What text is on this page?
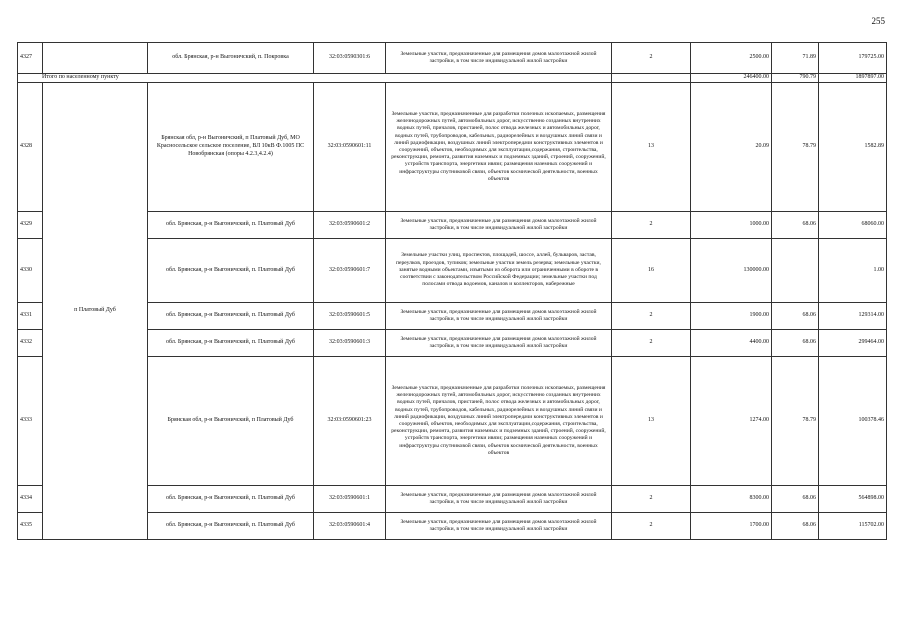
255
4327		обл. Брянская, р-н Выгоничский, п. Покровка	32:03:0590301:6	Земельные участки, предназначенные для размещения домов малоэтажной жилой застройки, в том числе индивидуальной жилой застройки	2	2500.00	71.89	179725.00
Итого по населенному пункту						246400.00	790.79	1897897.00
4328	п Платовый Дуб	Брянская обл, р-н Выгоничский, п Платовый Дуб, МО Красносельское сельское поселение, ВЛ 10кВ Ф.1005 ПС Новобрянская (опоры 4.2.3,4.2.4)	32:03:0590601:11	Земельные участки, предназначенные для разработки полезных ископаемых, размещения железнодорожных путей, автомобильных дорог, искусственно созданных внутренних водных путей, причалов, пристаней, полос отвода железных и автомобильных дорог, водных путей, трубопроводов, кабельных, радиорелейных и воздушных линий связи и линий радиофикации, воздушных линий электропередачи конструктивных элементов и сооружений, объектов, необходимых для эксплуатации,содержания, строительства, реконструкции, ремонта, развития наземных и подземных зданий, строений, сооружений, устройств транспорта, энергетики ивязи; размещения наземных сооружений и инфраструктуры спутниковой связи, объектов космической деятельности, военных объектов	13	20.09	78.79	1582.89
4329		обл. Брянская, р-н Выгоничский, п. Платовый Дуб	32:03:0590601:2	Земельные участки, предназначенные для размещения домов малоэтажной жилой застройки, в том числе индивидуальной жилой застройки	2	1000.00	68.06	68060.00
4330		обл. Брянская, р-н Выгоничский, п. Платовый Дуб	32:03:0590601:7	Земельные участки улиц, проспектов, площадей, шоссе, аллей, бульваров, застав, переулков, проездов, тупиков; земельные участки земель резерва; земельные участки, занятые водными объектами, изъятыми из оборота или ограниченными в обороте в соответствии с законодательством Российской Федерации; земельные участки под полосами отвода водоемов, каналов и коллекторов, набережные	16	130000.00		1.00
4331		обл. Брянская, р-н Выгоничский, п. Платовый Дуб	32:03:0590601:5	Земельные участки, предназначенные для размещения домов малоэтажной жилой застройки, в том числе индивидуальной жилой застройки	2	1900.00	68.06	129314.00
4332		обл. Брянская, р-н Выгоничский, п. Платовый Дуб	32:03:0590601:3	Земельные участки, предназначенные для размещения домов малоэтажной жилой застройки, в том числе индивидуальной жилой застройки	2	4400.00	68.06	299464.00
4333		Брянская обл, р-н Выгоничский, п Платовый Дуб	32:03:0590601:23	Земельные участки, предназначенные для разработки полезных ископаемых, размещения железнодорожных путей, автомобильных дорог, искусственно созданных внутренних водных путей, причалов, пристаней, полос отвода железных и автомобильных дорог, водных путей, трубопроводов, кабельных, радиорелейных и воздушных линий связи и линий радиофикации, воздушных линий электропередачи конструктивных элементов и сооружений, объектов, необходимых для эксплуатации,содержания, строительства, реконструкции, ремонта, развития наземных и подземных зданий, строений, сооружений, устройств транспорта, энергетики ивязи; размещения наземных сооружений и инфраструктуры спутниковой связи, объектов космической деятельности, военных объектов	13	1274.00	78.79	100378.46
4334		обл. Брянская, р-н Выгоничский, п. Платовый Дуб	32:03:0590601:1	Земельные участки, предназначенные для размещения домов малоэтажной жилой застройки, в том числе индивидуальной жилой застройки	2	8300.00	68.06	564898.00
4335		обл. Брянская, р-н Выгоничский, п. Платовый Дуб	32:03:0590601:4	Земельные участки, предназначенные для размещения домов малоэтажной жилой застройки, в том числе индивидуальной жилой застройки	2	1700.00	68.06	115702.00
